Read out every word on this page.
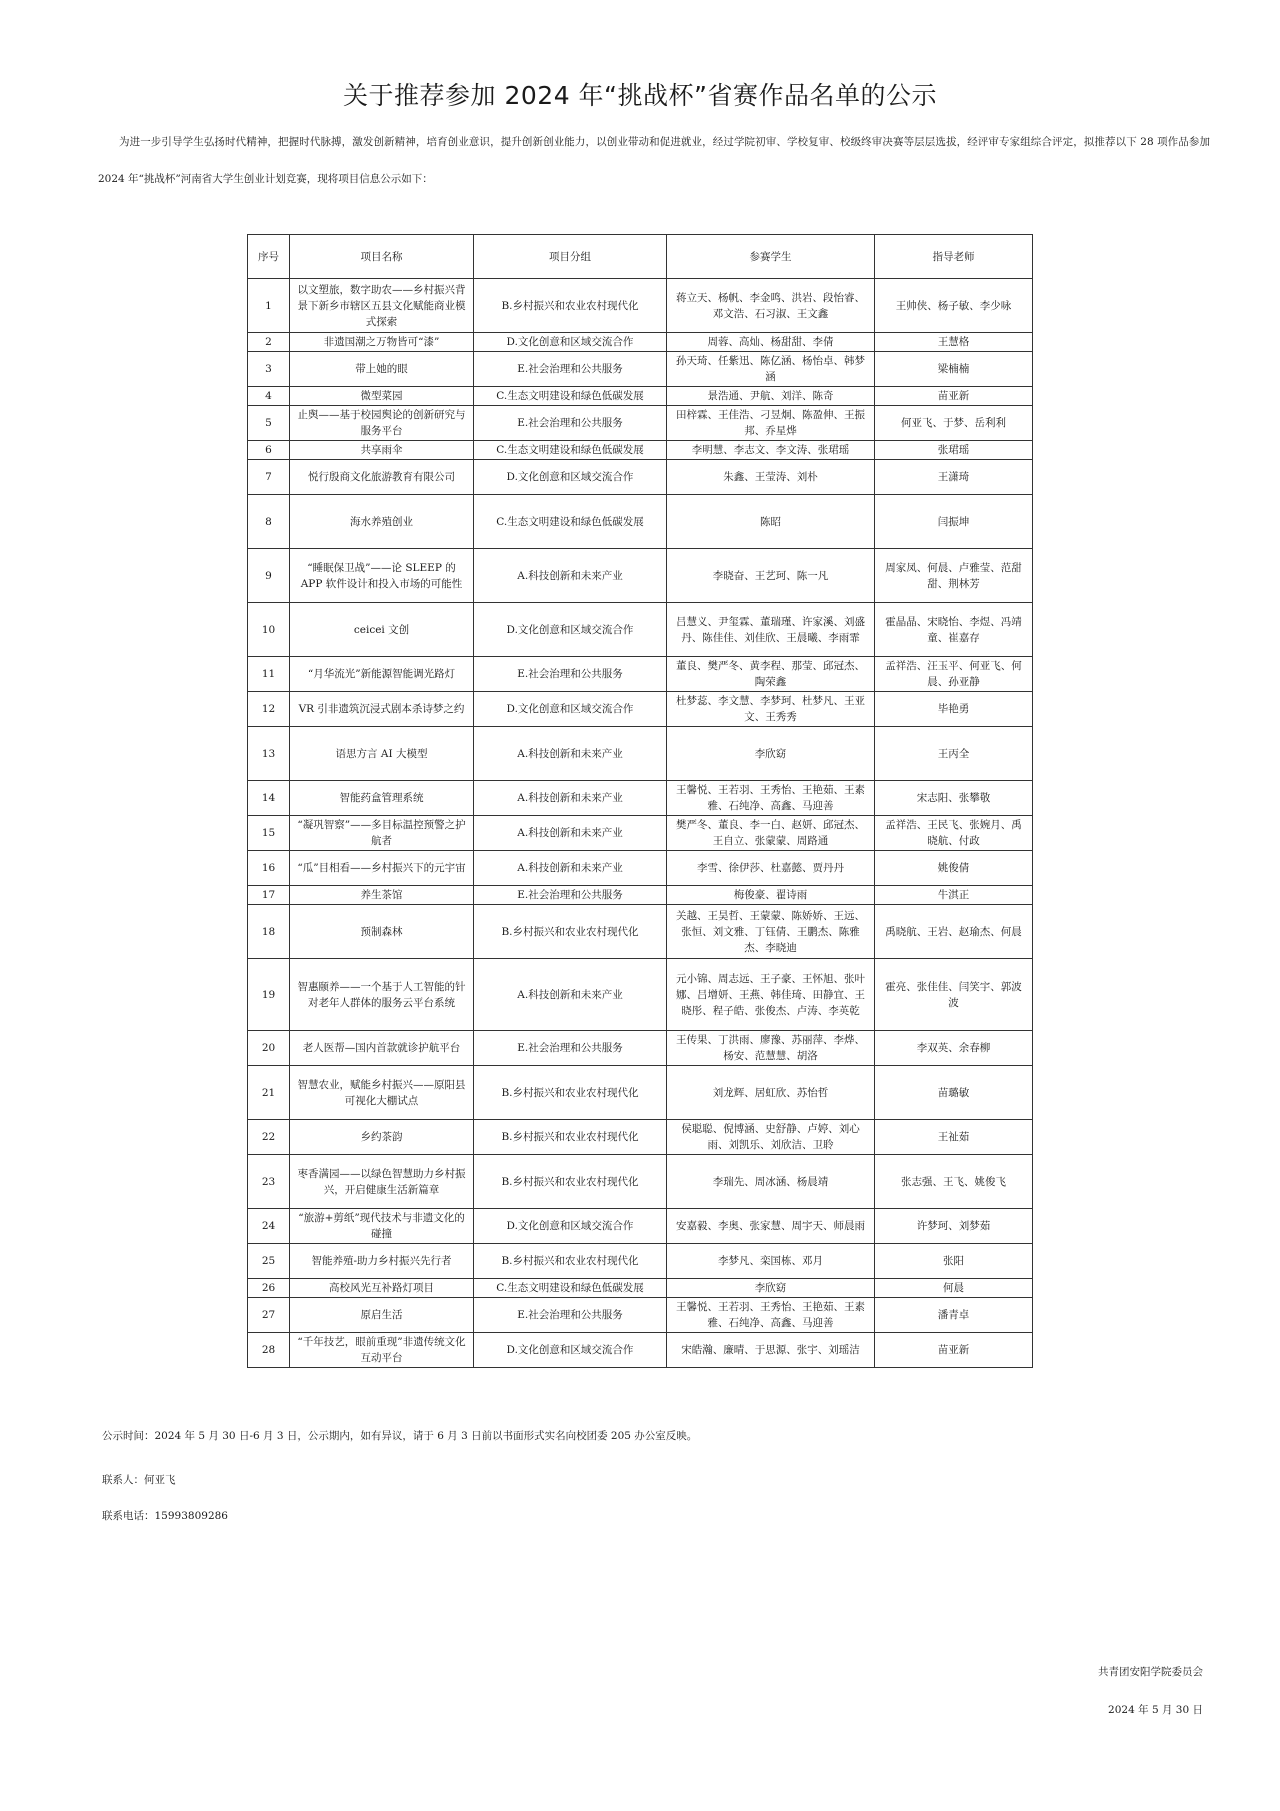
关于推荐参加 2024 年“挑战杯”省赛作品名单的公示
为进一步引导学生弘扬时代精神，把握时代脉搏，激发创新精神，培育创业意识，提升创新创业能力，以创业带动和促进就业，经过学院初审、学校复审、校级终审决赛等层层选拔，经评审专家组综合评定，拟推荐以下 28 项作品参加 2024 年“挑战杯”河南省大学生创业计划竞赛，现将项目信息公示如下：
序号	项目名称	项目分组	参赛学生	指导老师
1	以文塑旅，数字助农——乡村振兴背景下新乡市辖区五县文化赋能商业模式探索	B.乡村振兴和农业农村现代化	蒋立天、杨帆、李金鸣、洪岩、段怡睿、邓文浩、石习淑、王文鑫	王帅侠、杨子敏、李少咏
2	非遗国潮之万物皆可“漆”	D.文化创意和区域交流合作	周蓉、高灿、杨甜甜、李倩	王慧格
3	带上她的眼	E.社会治理和公共服务	孙天琦、任紫迅、陈亿涵、杨怡卓、韩梦涵	梁楠楠
4	微型菜园	C.生态文明建设和绿色低碳发展	景浩通、尹航、刘洋、陈奇	苗亚新
5	止舆——基于校园舆论的创新研究与服务平台	E.社会治理和公共服务	田梓霖、王佳浩、刁昱炯、陈盈伸、王振邦、乔星烨	何亚飞、于梦、岳利利
6	共享雨伞	C.生态文明建设和绿色低碳发展	李明慧、李志文、李文涛、张珺瑶	张珺瑶
7	悦行殷商文化旅游教育有限公司	D.文化创意和区域交流合作	朱鑫、王莹涛、刘朴	王潇琦
8	海水养殖创业	C.生态文明建设和绿色低碳发展	陈昭	闫振坤
9	“睡眠保卫战”——论 SLEEP 的 APP 软件设计和投入市场的可能性	A.科技创新和未来产业	李晓奋、王艺珂、陈一凡	周家凤、何晨、卢雅莹、范甜甜、荆林芳
10	ceicei 文创	D.文化创意和区域交流合作	吕慧义、尹玺霖、董瑞瑾、许家溪、刘盛丹、陈佳佳、刘佳欣、王晨曦、李雨霏	霍晶晶、宋晓怡、李煜、冯靖童、崔嘉存
11	“月华流光”新能源智能调光路灯	E.社会治理和公共服务	董良、樊严冬、黄李程、那莹、邱冠杰、陶荣鑫	孟祥浩、汪玉平、何亚飞、何晨、孙亚静
12	VR 引非遗筑沉浸式剧本杀诗梦之约	D.文化创意和区域交流合作	杜梦蕊、李文慧、李梦珂、杜梦凡、王亚文、王秀秀	毕艳勇
13	语思方言 AI 大模型	A.科技创新和未来产业	李欣窈	王丙全
14	智能药盒管理系统	A.科技创新和未来产业	王馨悦、王若羽、王秀怡、王艳茹、王素雅、石纯净、高鑫、马迎善	宋志阳、张攀敬
15	“凝巩智察”——多目标温控预警之护航者	A.科技创新和未来产业	樊严冬、董良、李一白、赵妍、邱冠杰、王自立、张蒙蒙、周路通	孟祥浩、王民飞、张婉月、禹晓航、付政
16	“瓜”目相看——乡村振兴下的元宇宙	A.科技创新和未来产业	李雪、徐伊莎、杜嘉懿、贾丹丹	姚俊倩
17	养生茶馆	E.社会治理和公共服务	梅俊豪、翟诗雨	牛淇正
18	预制森林	B.乡村振兴和农业农村现代化	关越、王昊哲、王蒙蒙、陈娇娇、王远、张恒、刘文雅、丁钰倩、王鹏杰、陈雅杰、李晓迪	禹晓航、王岩、赵瑜杰、何晨
19	智惠颐养——一个基于人工智能的针对老年人群体的服务云平台系统	A.科技创新和未来产业	元小锦、周志远、王子豪、王怀旭、张叶娜、吕增妍、王燕、韩佳琦、田静宜、王晓彤、程子皓、张俊杰、卢涛、李英乾	霍亮、张佳佳、闫笑宇、郭波波
20	老人医帮—国内首款就诊护航平台	E.社会治理和公共服务	王传果、丁洪雨、廖豫、苏丽萍、李烨、杨安、范慧慧、胡洛	李双英、余春柳
21	智慧农业，赋能乡村振兴——原阳县可视化大棚试点	B.乡村振兴和农业农村现代化	刘龙辉、居虹欣、苏怡哲	苗璐敏
22	乡约茶韵	B.乡村振兴和农业农村现代化	侯聪聪、倪博涵、史舒静、卢婷、刘心雨、刘凯乐、刘欣洁、卫聆	王祉茹
23	枣香满园——以绿色智慧助力乡村振兴，开启健康生活新篇章	B.乡村振兴和农业农村现代化	李瑞先、周冰涵、杨晨靖	张志强、王飞、姚俊飞
24	“旅游+剪纸”现代技术与非遗文化的碰撞	D.文化创意和区域交流合作	安嘉毅、李奥、张家慧、周宇天、师晨雨	许梦珂、刘梦茹
25	智能养殖-助力乡村振兴先行者	B.乡村振兴和农业农村现代化	李梦凡、栾国栋、邓月	张阳
26	高校风光互补路灯项目	C.生态文明建设和绿色低碳发展	李欣窈	何晨
27	原启生活	E.社会治理和公共服务	王馨悦、王若羽、王秀怡、王艳茹、王素雅、石纯净、高鑫、马迎善	潘青卓
28	“千年技艺，眼前重现”非遗传统文化互动平台	D.文化创意和区域交流合作	宋皓瀚、廉晴、于思源、张宇、刘瑶洁	苗亚新
公示时间：2024 年 5 月 30 日-6 月 3 日，公示期内，如有异议，请于 6 月 3 日前以书面形式实名向校团委 205 办公室反映。
联系人：何亚飞
联系电话：15993809286
共青团安阳学院委员会
2024 年 5 月 30 日
